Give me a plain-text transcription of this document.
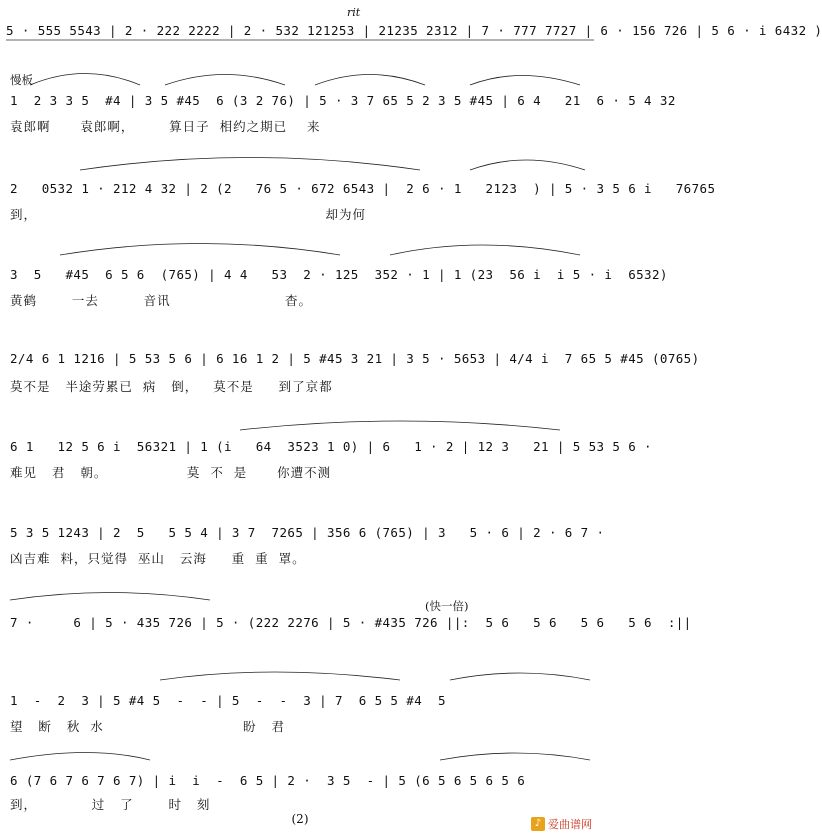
rit
5 · 555 5543 | 2 · 222 2222 | 2 · 532 121253 | 21235 2312 | 7 · 777 7727 | 6 · 156 726 | 5 6 · i 6432 )
慢板
1  2 3 3 5  #4 | 3 5 #45  6 (3 2 76) | 5 · 3 7 65 5 2 3 5 #45 | 6 4   21  6 · 5 4 32
袁郎啊      袁郎啊，       算日子  相约之期已    来
2   0532 1 · 212 4 32 | 2 (2   76 5 · 672 6543 |  2 6 · 1   2123  ) | 5 · 3 5 6 i   76765
到，                                                          却为何
3  5   #45  6 5 6  (765) | 4 4   53  2 · 125  352 · 1 | 1 (23  56 i  i 5 · i  6532)
黄鹤       一去         音讯                       杳。
2/4 6 1 1216 | 5 53 5 6 | 6 16 1 2 | 5 #45 3 21 | 3 5 · 5653 | 4/4 i  7 65 5 #45 (0765)
莫不是   半途劳累已  病   倒，   莫不是     到了京都
6 1   12 5 6 i  56321 | 1 (i   64  3523 1 0) | 6   1 · 2 | 12 3   21 | 5 53 5 6 ·
难见   君   朝。                莫  不  是      你遭不测
5 3 5 1243 | 2  5   5 5 4 | 3 7  7265 | 356 6 (765) | 3   5 · 6 | 2 · 6 7 ·
凶吉难  料，只觉得  巫山   云海     重  重  罩。
(快一倍)
7 ·     6 | 5 · 435 726 | 5 · (222 2276 | 5 · #435 726 ||:  5 6   5 6   5 6   5 6  :||
1  -  2  3 | 5 #4 5  -  - | 5  -  -  3 | 7  6 5 5 #4  5
望   断   秋  水                            盼   君
6 (7 6 7 6 7 6 7) | i  i  -  6 5 | 2 ·  3 5  - | 5 (6 5 6 5 6 5 6
到，           过   了       时   刻
(2)	♪ 爱曲谱网
